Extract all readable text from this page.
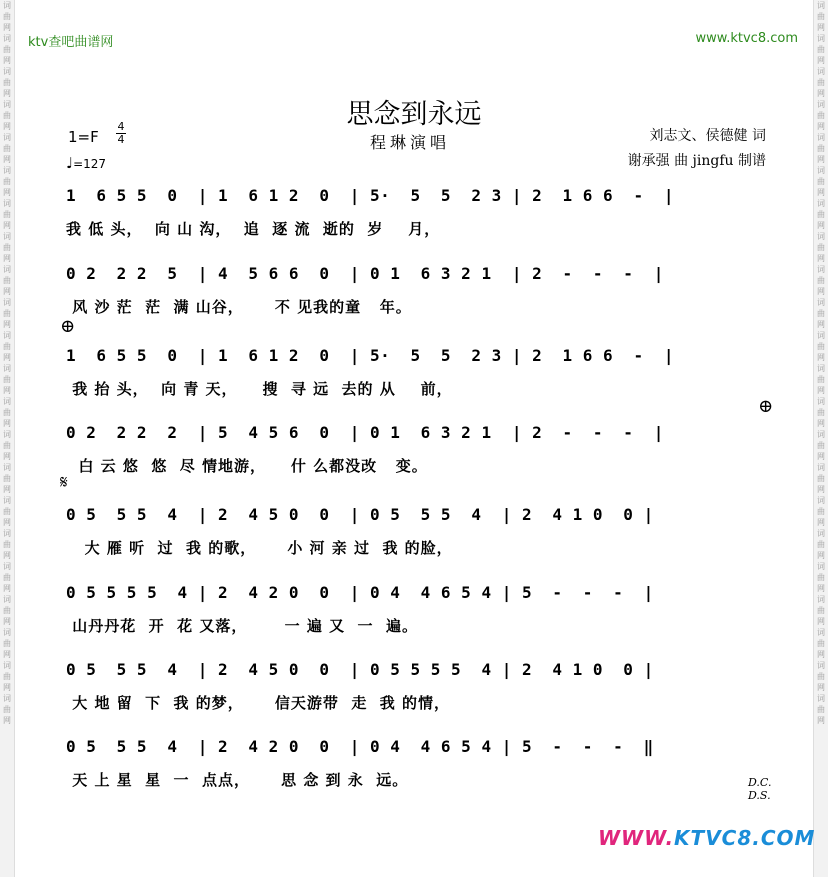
词 曲 网 词 曲 网 词 曲 网 词 曲 网 词 曲 网 词 曲 网 词 曲 网 词 曲 网 词 曲 网 词 曲 网 词 曲 网 词 曲 网 词 曲 网 词 曲 网 词 曲 网 词 曲 网 词 曲 网 词 曲 网 词 曲 网 词 曲 网 词 曲 网 词 曲 网
词 曲 网 词 曲 网 词 曲 网 词 曲 网 词 曲 网 词 曲 网 词 曲 网 词 曲 网 词 曲 网 词 曲 网 词 曲 网 词 曲 网 词 曲 网 词 曲 网 词 曲 网 词 曲 网 词 曲 网 词 曲 网 词 曲 网 词 曲 网 词 曲 网 词 曲 网
ktv查吧曲谱网	www.ktvc8.com
思念到永远
程琳演唱	刘志文、侯德健 词
谢承强 曲 jingfu 制谱
1=F
4
4
♩=127
1  6 5 5  0  | 1  6 1 2  0  | 5·  5  5  2 3 | 2  1 6 6  -  |
我 低 头，  向 山 沟，  追  逐 流  逝的  岁    月，
0 2  2 2  5  | 4  5 6 6  0  | 0 1  6 3 2 1  | 2  -  -  -  |
风 沙 茫  茫  满 山谷，     不 见我的童   年。
1  6 5 5  0  | 1  6 1 2  0  | 5·  5  5  2 3 | 2  1 6 6  -  |
我 抬 头，  向 青 天，    搜  寻 远  去的 从    前，
0 2  2 2  2  | 5  4 5 6  0  | 0 1  6 3 2 1  | 2  -  -  -  |
白 云 悠  悠  尽 情地游，    什 么都没改   变。
0 5  5 5  4  | 2  4 5 0  0  | 0 5  5 5  4  | 2  4 1 0  0 |
大 雁 听  过  我 的歌，     小 河 亲 过  我 的脸，
0 5 5 5 5  4 | 2  4 2 0  0  | 0 4  4 6 5 4 | 5  -  -  -  |
山丹丹花  开  花 又落，      一 遍 又  一  遍。
0 5  5 5  4  | 2  4 5 0  0  | 0 5 5 5 5  4 | 2  4 1 0  0 |
大 地 留  下  我 的梦，     信天游带  走  我 的情，
0 5  5 5  4  | 2  4 2 0  0  | 0 4  4 6 5 4 | 5  -  -  -  ‖
天 上 星  星  一  点点，     思 念 到 永  远。
⊕
⊕
𝄋
D.C.
D.S.
WWW.KTVC8.COM
